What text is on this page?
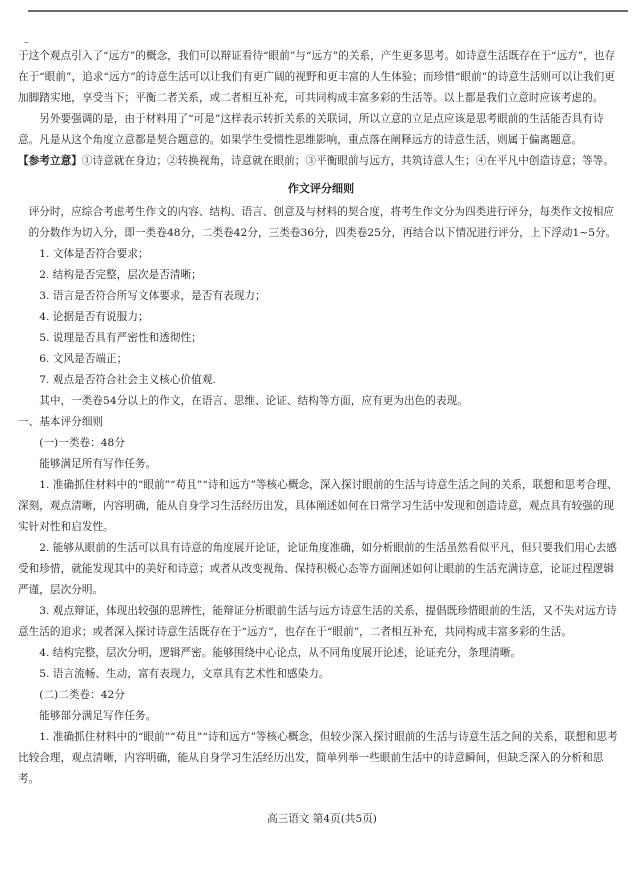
–

于这个观点引入了“远方”的概念，我们可以辩证看待“眼前”与“远方”的关系，产生更多思考。如诗意生活既存在于“远方”，也存在于“眼前”，追求“远方”的诗意生活可以让我们有更广阔的视野和更丰富的人生体验；而珍惜“眼前”的诗意生活则可以让我们更加脚踏实地，享受当下；平衡二者关系，或二者相互补充，可共同构成丰富多彩的生活等。以上都是我们立意时应该考虑的。

另外要强调的是，由于材料用了“可是”这样表示转折关系的关联词，所以立意的立足点应该是思考眼前的生活能否具有诗意。凡是从这个角度立意都是契合题意的。如果学生受惯性思维影响，重点落在阐释远方的诗意生活，则属于偏离题意。

【参考立意】①诗意就在身边；②转换视角，诗意就在眼前；③平衡眼前与远方，共筑诗意人生；④在平凡中创造诗意；等等。

作文评分细则

评分时，应综合考虑考生作文的内容、结构、语言、创意及与材料的契合度，将考生作文分为四类进行评分，每类作文按相应的分数作为切入分，即一类卷48分，二类卷42分，三类卷36分，四类卷25分，再结合以下情况进行评分，上下浮动1~5分。

1. 文体是否符合要求；

2. 结构是否完整，层次是否清晰；

3. 语言是否符合所写文体要求，是否有表现力；

4. 论据是否有说服力；

5. 说理是否具有严密性和透彻性；

6. 文风是否端正；

7. 观点是否符合社会主义核心价值观.

其中，一类卷54分以上的作文，在语言、思维、论证、结构等方面，应有更为出色的表现。

一、基本评分细则

(一)一类卷：48分

能够满足所有写作任务。

1. 准确抓住材料中的“眼前”“苟且”“诗和远方”等核心概念，深入探讨眼前的生活与诗意生活之间的关系，联想和思考合理、深刻，观点清晰，内容明确，能从自身学习生活经历出发，具体阐述如何在日常学习生活中发现和创造诗意，观点具有较强的现实针对性和启发性。

2. 能够从眼前的生活可以具有诗意的角度展开论证，论证角度准确，如分析眼前的生活虽然看似平凡，但只要我们用心去感受和珍惜，就能发现其中的美好和诗意；或者从改变视角、保持积极心态等方面阐述如何让眼前的生活充满诗意，论证过程逻辑严谨，层次分明。

3. 观点辩证，体现出较强的思辨性，能辩证分析眼前生活与远方诗意生活的关系，提倡既珍惜眼前的生活，又不失对远方诗意生活的追求；或者深入探讨诗意生活既存在于“远方”，也存在于“眼前”，二者相互补充，共同构成丰富多彩的生活。

4. 结构完整，层次分明，逻辑严密。能够围绕中心论点，从不同角度展开论述，论证充分，条理清晰。

5. 语言流畅、生动，富有表现力，文章具有艺术性和感染力。

(二)二类卷：42分

能够部分满足写作任务。

1. 准确抓住材料中的“眼前”“苟且”“诗和远方”等核心概念，但较少深入探讨眼前的生活与诗意生活之间的关系，联想和思考比较合理，观点清晰，内容明确，能从自身学习生活经历出发，简单列举一些眼前生活中的诗意瞬间，但缺乏深入的分析和思考。

高三语文 第4页(共5页)
